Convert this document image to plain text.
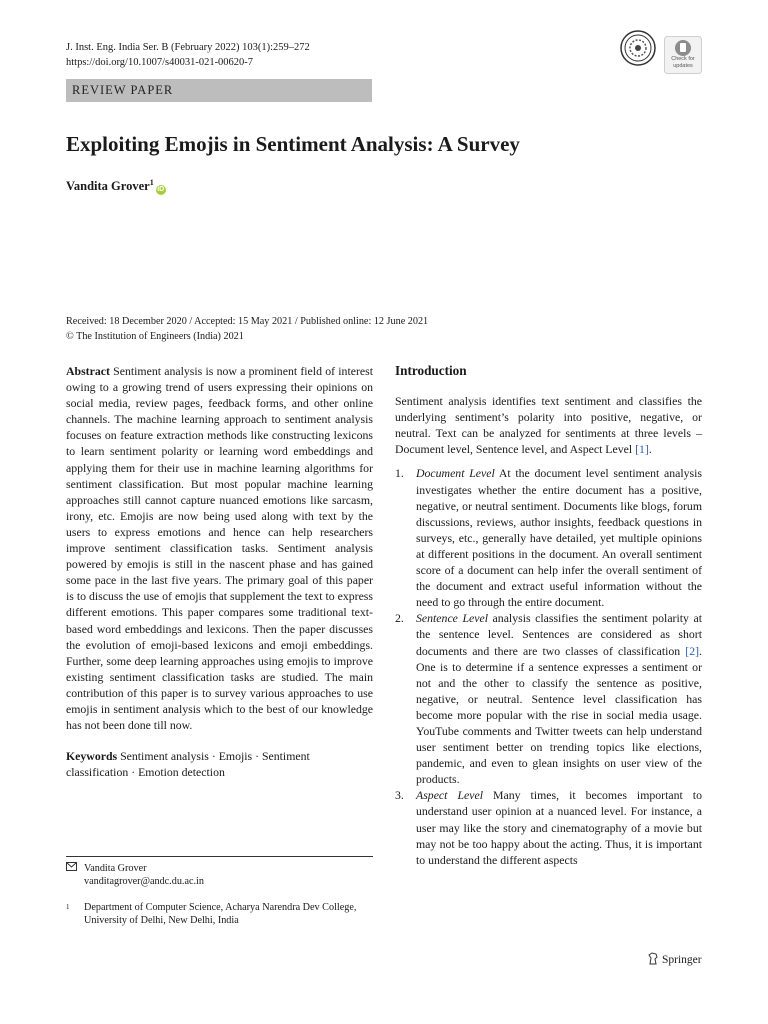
J. Inst. Eng. India Ser. B (February 2022) 103(1):259–272
https://doi.org/10.1007/s40031-021-00620-7	Check for
updates
REVIEW PAPER
Exploiting Emojis in Sentiment Analysis: A Survey
Vandita Grover$^1$iD
Received: 18 December 2020 / Accepted: 15 May 2021 / Published online: 12 June 2021
© The Institution of Engineers (India) 2021

Abstract Sentiment analysis is now a prominent field of interest owing to a growing trend of users expressing their opinions on social media, review pages, feedback forms, and other online channels. The machine learning approach to sentiment analysis focuses on feature extraction methods like constructing lexicons to learn sentiment polarity or learning word embeddings and applying them for their use in machine learning algorithms for sentiment classification. But most popular machine learning approaches still cannot capture nuanced emotions like sarcasm, irony, etc. Emojis are now being used along with text by the users to express emotions and hence can help researchers improve sentiment classification tasks. Sentiment analysis powered by emojis is still in the nascent phase and has gained some pace in the last five years. The primary goal of this paper is to discuss the use of emojis that supplement the text to express different emotions. This paper compares some traditional text-based word embeddings and lexicons. Then the paper discusses the evolution of emoji-based lexicons and emoji embeddings. Further, some deep learning approaches using emojis to improve existing sentiment classification tasks are studied. The main contribution of this paper is to survey various approaches to use emojis in sentiment analysis which to the best of our knowledge has not been done till now.

Keywords Sentiment analysis · Emojis · Sentiment classification · Emotion detection

Vandita Grover
vanditagrover@andc.du.ac.in
1	Department of Computer Science, Acharya Narendra Dev College, University of Delhi, New Delhi, India
Introduction

Sentiment analysis identifies text sentiment and classifies the underlying sentiment’s polarity into positive, negative, or neutral. Text can be analyzed for sentiments at three levels – Document level, Sentence level, and Aspect Level [1].

1.	Document Level At the document level sentiment analysis investigates whether the entire document has a positive, negative, or neutral sentiment. Documents like blogs, forum discussions, reviews, author insights, feedback questions in surveys, etc., generally have detailed, yet multiple opinions at different positions in the document. An overall sentiment score of a document can help infer the overall sentiment of the document and extract useful information without the need to go through the entire document.
2.	Sentence Level analysis classifies the sentiment polarity at the sentence level. Sentences are considered as short documents and there are two classes of classification [2]. One is to determine if a sentence expresses a sentiment or not and the other to classify the sentence as positive, negative, or neutral. Sentence level classification has become more popular with the rise in social media usage. YouTube comments and Twitter tweets can help understand user sentiment better on trending topics like elections, pandemic, and even to glean insights on user view of the products.
3.	Aspect Level Many times, it becomes important to understand user opinion at a nuanced level. For instance, a user may like the story and cinematography of a movie but may not be too happy about the acting. Thus, it is important to understand the different aspects
Springer
